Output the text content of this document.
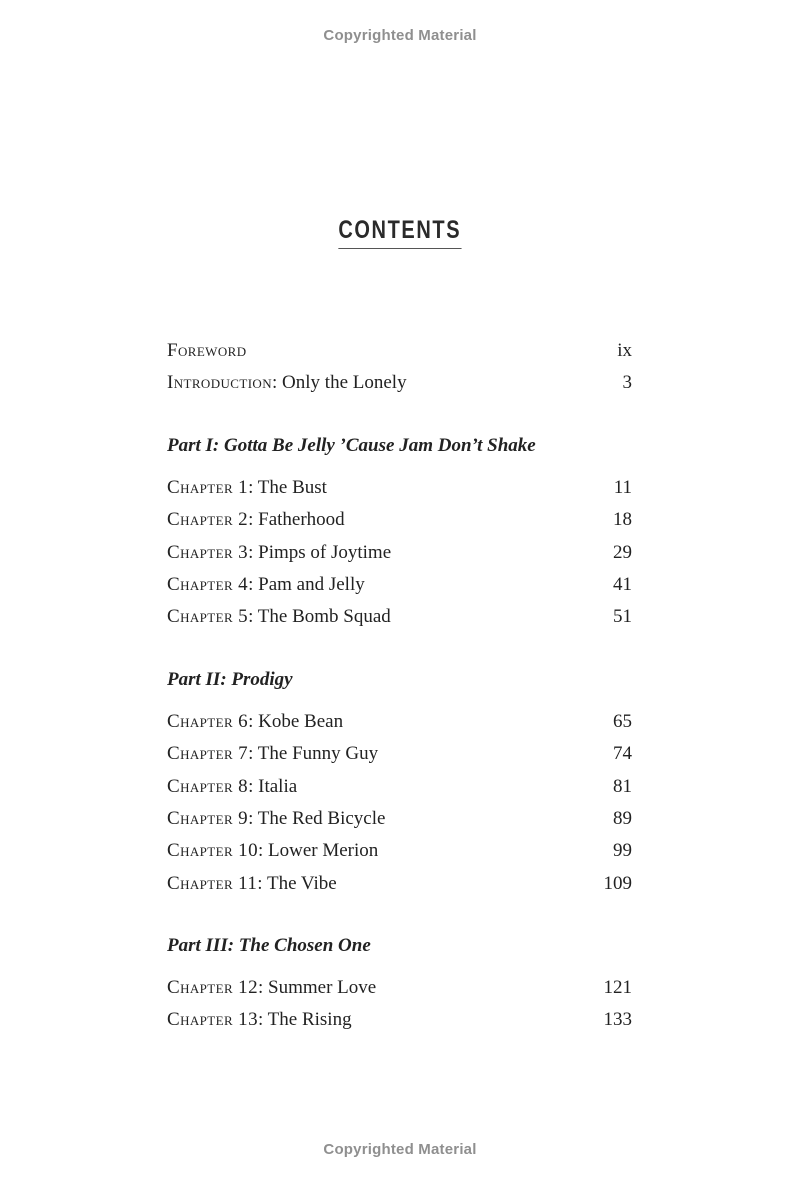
Copyrighted Material
CONTENTS
Foreword	ix
Introduction: Only the Lonely	3
Part I: Gotta Be Jelly ’Cause Jam Don’t Shake
Chapter 1: The Bust	11
Chapter 2: Fatherhood	18
Chapter 3: Pimps of Joytime	29
Chapter 4: Pam and Jelly	41
Chapter 5: The Bomb Squad	51
Part II: Prodigy
Chapter 6: Kobe Bean	65
Chapter 7: The Funny Guy	74
Chapter 8: Italia	81
Chapter 9: The Red Bicycle	89
Chapter 10: Lower Merion	99
Chapter 11: The Vibe	109
Part III: The Chosen One
Chapter 12: Summer Love	121
Chapter 13: The Rising	133
Copyrighted Material
